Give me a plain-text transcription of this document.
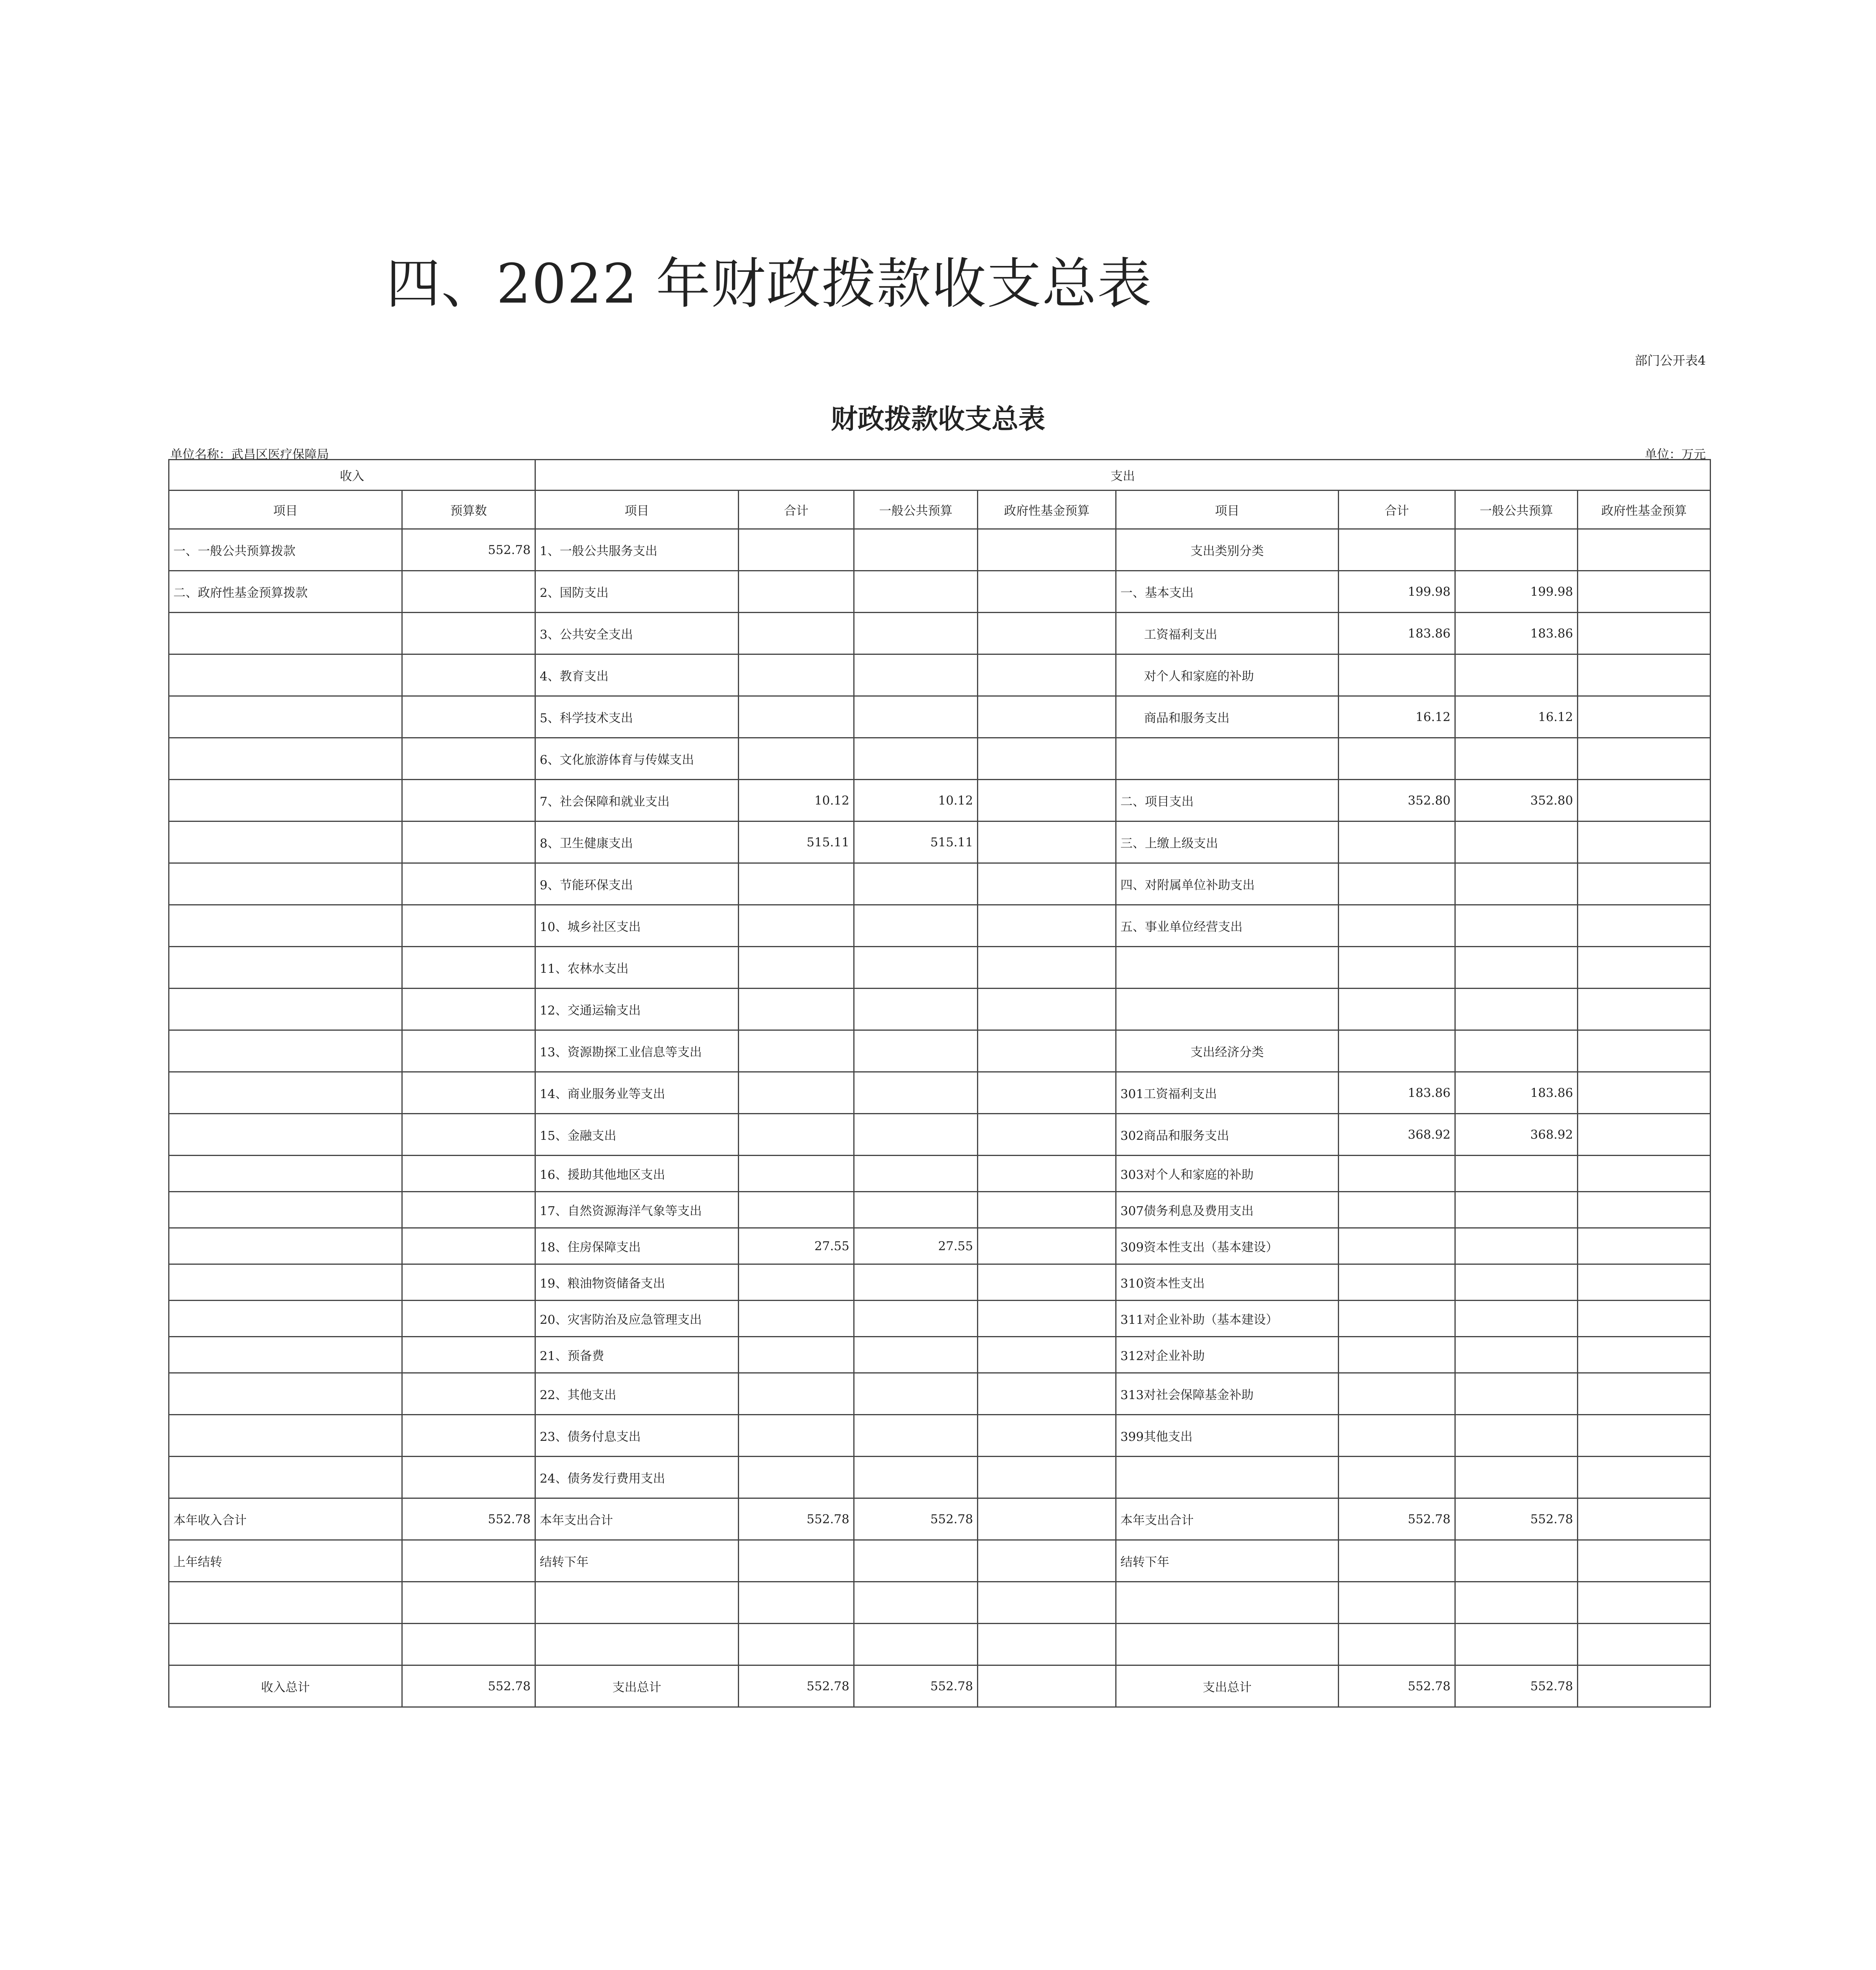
四、2022 年财政拨款收支总表
部门公开表4
财政拨款收支总表
单位名称：武昌区医疗保障局	单位：万元
收入		支出							
项目	预算数	项目	合计	一般公共预算	政府性基金预算	项目	合计	一般公共预算	政府性基金预算
一、一般公共预算拨款	552.78	1、一般公共服务支出				支出类别分类			
二、政府性基金预算拨款		2、国防支出				一、基本支出	199.98	199.98	
		3、公共安全支出				工资福利支出	183.86	183.86	
		4、教育支出				对个人和家庭的补助			
		5、科学技术支出				商品和服务支出	16.12	16.12	
		6、文化旅游体育与传媒支出							
		7、社会保障和就业支出	10.12	10.12		二、项目支出	352.80	352.80	
		8、卫生健康支出	515.11	515.11		三、上缴上级支出			
		9、节能环保支出				四、对附属单位补助支出			
		10、城乡社区支出				五、事业单位经营支出			
		11、农林水支出							
		12、交通运输支出							
		13、资源勘探工业信息等支出				支出经济分类			
		14、商业服务业等支出				301工资福利支出	183.86	183.86	
		15、金融支出				302商品和服务支出	368.92	368.92	
		16、援助其他地区支出				303对个人和家庭的补助			
		17、自然资源海洋气象等支出				307债务利息及费用支出			
		18、住房保障支出	27.55	27.55		309资本性支出（基本建设）			
		19、粮油物资储备支出				310资本性支出			
		20、灾害防治及应急管理支出				311对企业补助（基本建设）			
		21、预备费				312对企业补助			
		22、其他支出				313对社会保障基金补助			
		23、债务付息支出				399其他支出			
		24、债务发行费用支出							
本年收入合计	552.78	本年支出合计	552.78	552.78		本年支出合计	552.78	552.78	
上年结转		结转下年				结转下年			

收入总计	552.78	支出总计	552.78	552.78		支出总计	552.78	552.78	
